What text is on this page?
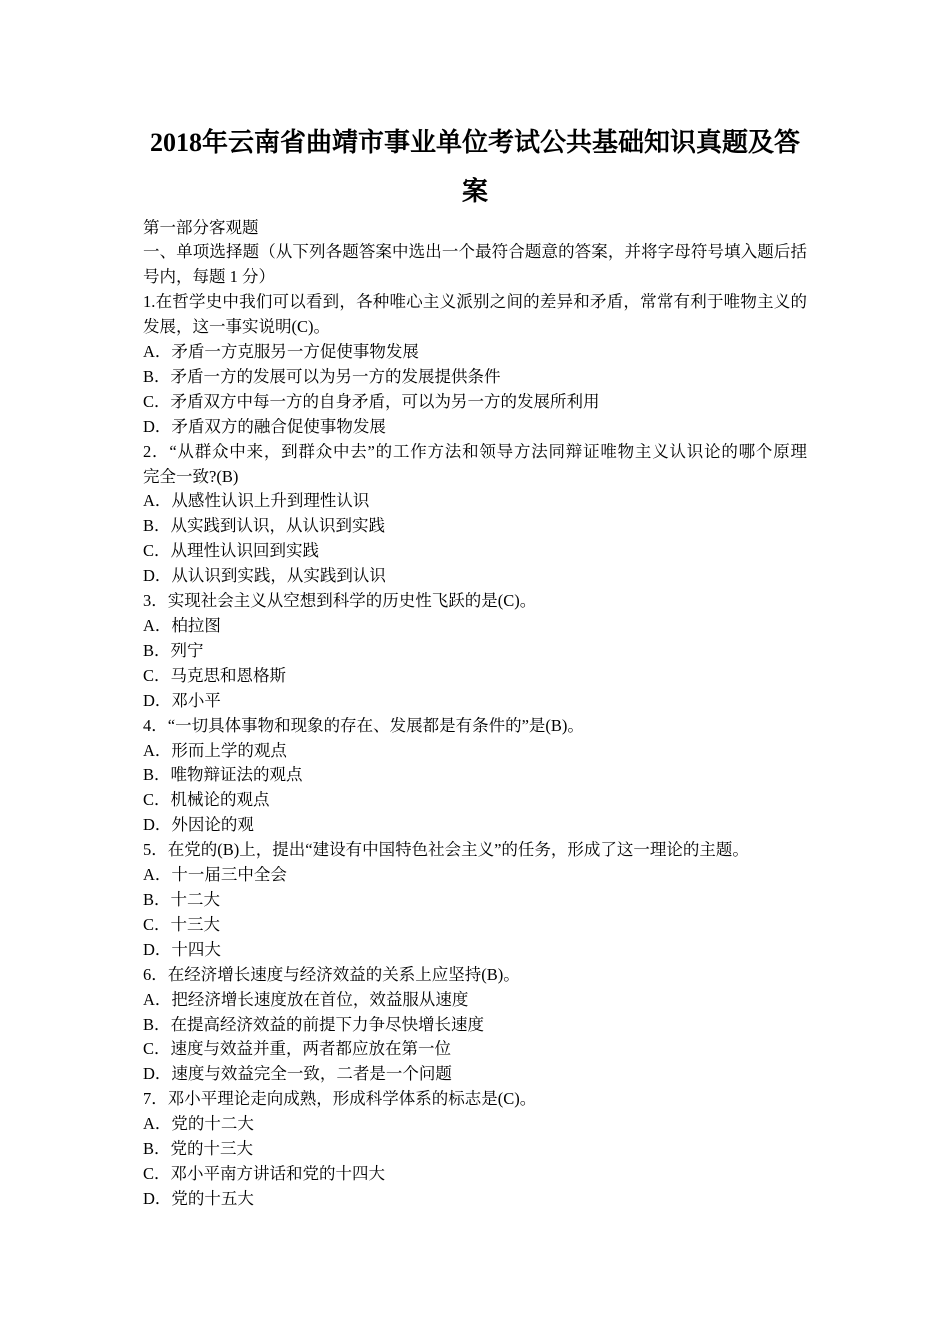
2018年云南省曲靖市事业单位考试公共基础知识真题及答案
第一部分客观题
一、单项选择题（从下列各题答案中选出一个最符合题意的答案，并将字母符号填入题后括
号内，每题 1 分）
1.在哲学史中我们可以看到，各种唯心主义派别之间的差异和矛盾，常常有利于唯物主义的
发展，这一事实说明(C)。
A．矛盾一方克服另一方促使事物发展
B．矛盾一方的发展可以为另一方的发展提供条件
C．矛盾双方中每一方的自身矛盾，可以为另一方的发展所利用
D．矛盾双方的融合促使事物发展
2．“从群众中来，到群众中去”的工作方法和领导方法同辩证唯物主义认识论的哪个原理
完全一致?(B)
A．从感性认识上升到理性认识
B．从实践到认识，从认识到实践
C．从理性认识回到实践
D．从认识到实践，从实践到认识
3．实现社会主义从空想到科学的历史性飞跃的是(C)。
A．柏拉图
B．列宁
C．马克思和恩格斯
D．邓小平
4．“一切具体事物和现象的存在、发展都是有条件的”是(B)。
A．形而上学的观点
B．唯物辩证法的观点
C．机械论的观点
D．外因论的观
5．在党的(B)上，提出“建设有中国特色社会主义”的任务，形成了这一理论的主题。
A．十一届三中全会
B．十二大
C．十三大
D．十四大
6．在经济增长速度与经济效益的关系上应坚持(B)。
A．把经济增长速度放在首位，效益服从速度
B．在提高经济效益的前提下力争尽快增长速度
C．速度与效益并重，两者都应放在第一位
D．速度与效益完全一致，二者是一个问题
7．邓小平理论走向成熟，形成科学体系的标志是(C)。
A．党的十二大
B．党的十三大
C．邓小平南方讲话和党的十四大
D．党的十五大
